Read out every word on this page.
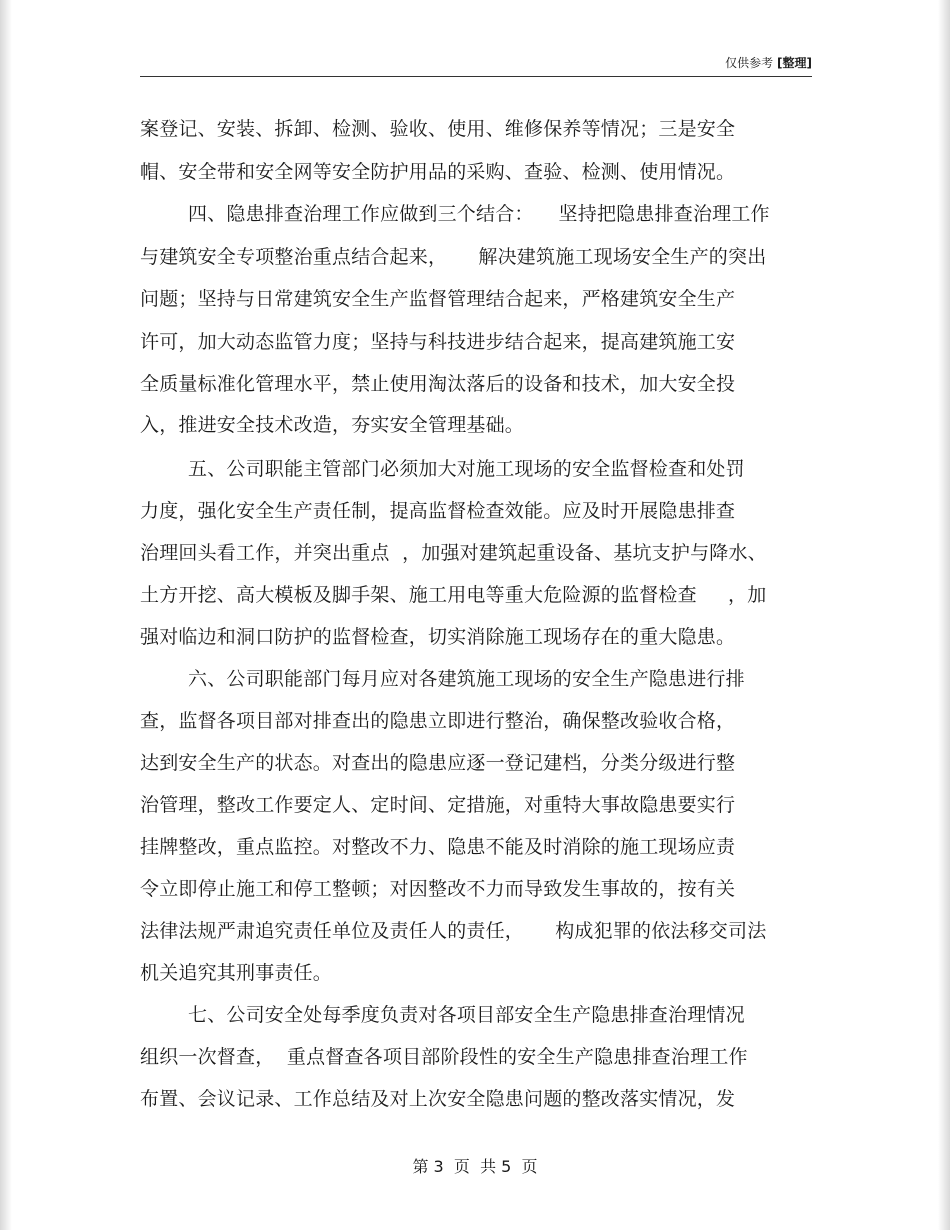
仅供参考 [整理]
案登记、安装、拆卸、检测、验收、使用、维修保养等情况；三是安全
帽、安全带和安全网等安全防护用品的采购、查验、检测、使用情况。
四、隐患排查治理工作应做到三个结合：    坚持把隐患排查治理工作
与建筑安全专项整治重点结合起来，     解决建筑施工现场安全生产的突出
问题；坚持与日常建筑安全生产监督管理结合起来，严格建筑安全生产
许可，加大动态监管力度；坚持与科技进步结合起来，提高建筑施工安
全质量标准化管理水平，禁止使用淘汰落后的设备和技术，加大安全投
入，推进安全技术改造，夯实安全管理基础。
五、公司职能主管部门必须加大对施工现场的安全监督检查和处罚
力度，强化安全生产责任制，提高监督检查效能。应及时开展隐患排查
治理回头看工作，并突出重点  ，加强对建筑起重设备、基坑支护与降水、
土方开挖、高大模板及脚手架、施工用电等重大危险源的监督检查     ，加
强对临边和洞口防护的监督检查，切实消除施工现场存在的重大隐患。
六、公司职能部门每月应对各建筑施工现场的安全生产隐患进行排
查，监督各项目部对排查出的隐患立即进行整治，确保整改验收合格，
达到安全生产的状态。对查出的隐患应逐一登记建档，分类分级进行整
治管理，整改工作要定人、定时间、定措施，对重特大事故隐患要实行
挂牌整改，重点监控。对整改不力、隐患不能及时消除的施工现场应责
令立即停止施工和停工整顿；对因整改不力而导致发生事故的，按有关
法律法规严肃追究责任单位及责任人的责任，     构成犯罪的依法移交司法
机关追究其刑事责任。
七、公司安全处每季度负责对各项目部安全生产隐患排查治理情况
组织一次督查，  重点督查各项目部阶段性的安全生产隐患排查治理工作
布置、会议记录、工作总结及对上次安全隐患问题的整改落实情况，发
第 3  页  共 5  页
